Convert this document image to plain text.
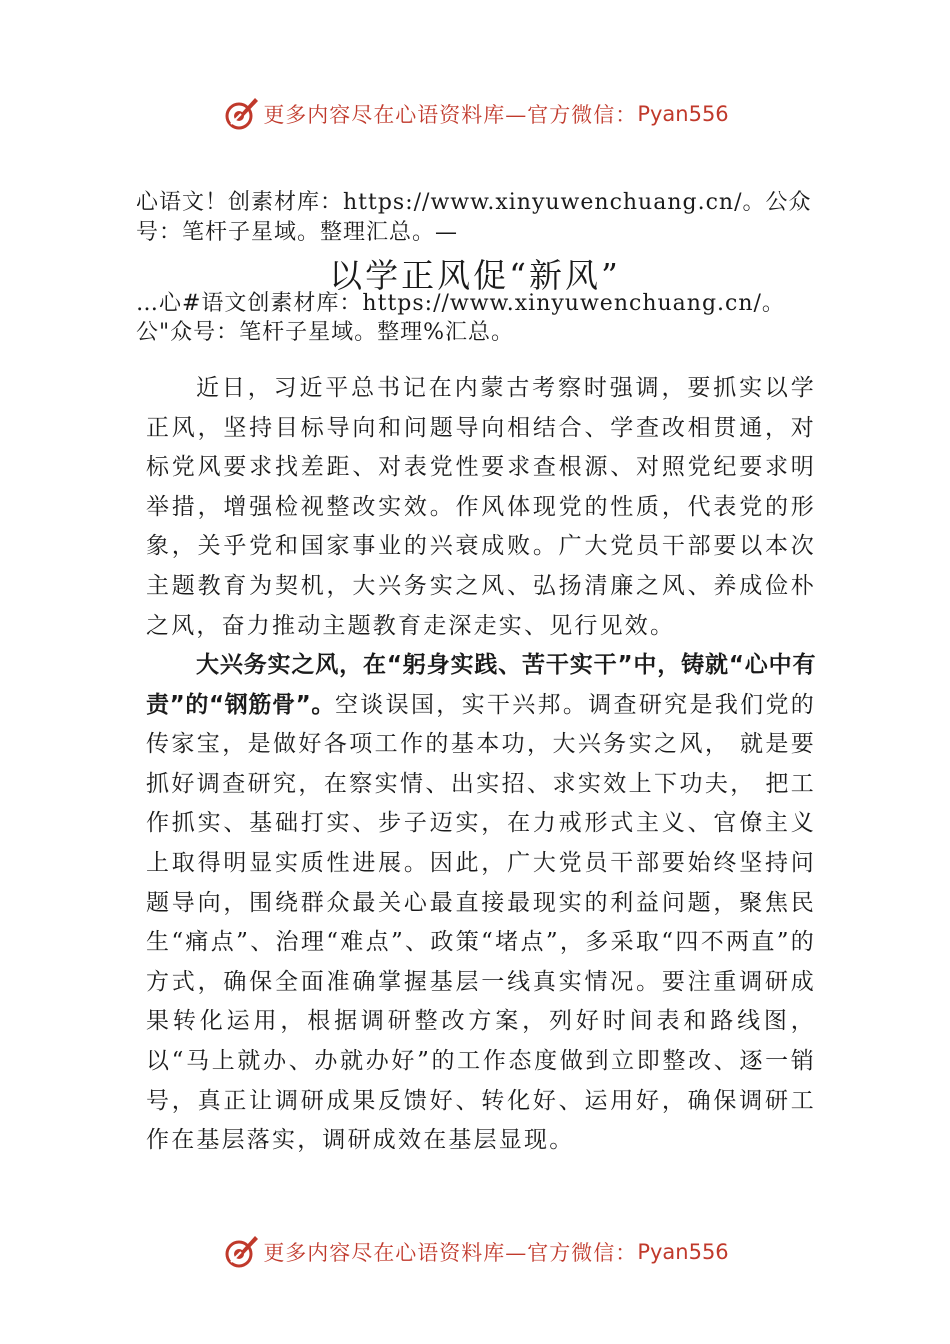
更多内容尽在心语资料库—官方微信： Pyan556
心语文！创素材库：https://www.xinyuwenchuang.cn/。公众
号：笔杆子星域。整理汇总。—
以学正风促“新风”
…心#语文创素材库：https://www.xinyuwenchuang.cn/。
公"众号：笔杆子星域。整理%汇总。
近日，习近平总书记在内蒙古考察时强调，要抓实以学正风，坚持目标导向和问题导向相结合、学查改相贯通，对标党风要求找差距、对表党性要求查根源、对照党纪要求明举措，增强检视整改实效。作风体现党的性质，代表党的形象，关乎党和国家事业的兴衰成败。广大党员干部要以本次主题教育为契机，大兴务实之风、弘扬清廉之风、养成俭朴之风，奋力推动主题教育走深走实、见行见效。
大兴务实之风，在“躬身实践、苦干实干”中，铸就“心中有责”的“钢筋骨”。空谈误国，实干兴邦。调查研究是我们党的传家宝，是做好各项工作的基本功，大兴务实之风， 就是要抓好调查研究，在察实情、出实招、求实效上下功夫， 把工作抓实、基础打实、步子迈实，在力戒形式主义、官僚主义上取得明显实质性进展。因此，广大党员干部要始终坚持问题导向，围绕群众最关心最直接最现实的利益问题，聚焦民生“痛点”、治理“难点”、政策“堵点”，多采取“四不两直”的方式，确保全面准确掌握基层一线真实情况。要注重调研成果转化运用，根据调研整改方案，列好时间表和路线图，以“马上就办、办就办好”的工作态度做到立即整改、逐一销号，真正让调研成果反馈好、转化好、运用好，确保调研工作在基层落实，调研成效在基层显现。
更多内容尽在心语资料库—官方微信： Pyan556
